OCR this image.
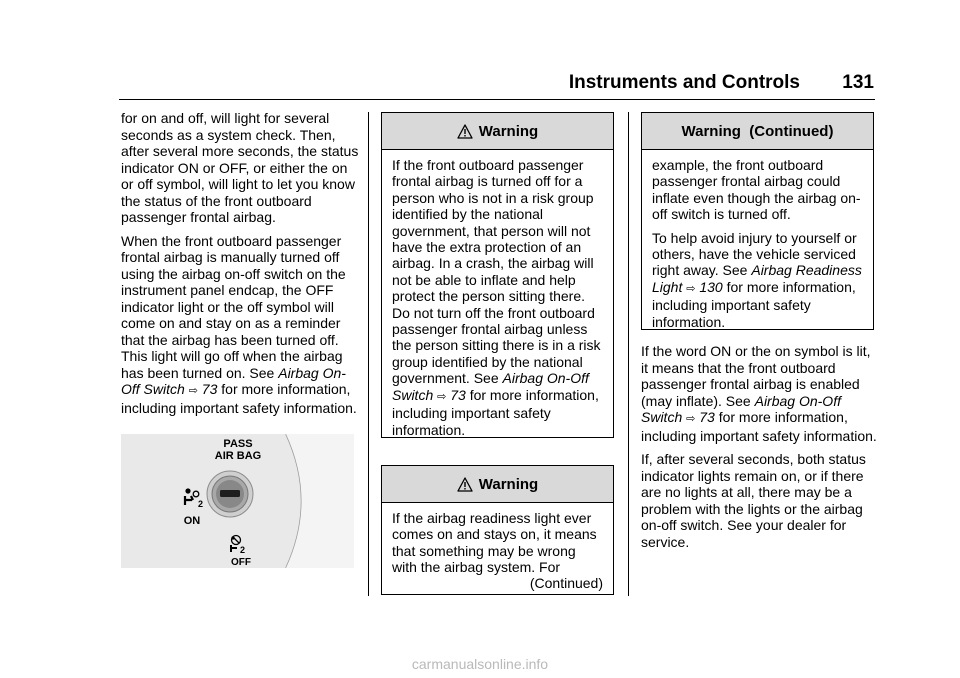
Instruments and Controls 131

for on and off, will light for several seconds as a system check. Then, after several more seconds, the status indicator ON or OFF, or either the on or off symbol, will light to let you know the status of the front outboard passenger frontal airbag.

When the front outboard passenger frontal airbag is manually turned off using the airbag on-off switch on the instrument panel endcap, the OFF indicator light or the off symbol will come on and stay on as a reminder that the airbag has been turned off. This light will go off when the airbag has been turned on. See Airbag On-Off Switch ⇨ 73 for more information, including important safety information.

PASS
AIR BAG
2
ON
2
OFF
Warning

If the front outboard passenger frontal airbag is turned off for a person who is not in a risk group identified by the national government, that person will not have the extra protection of an airbag. In a crash, the airbag will not be able to inflate and help protect the person sitting there. Do not turn off the front outboard passenger frontal airbag unless the person sitting there is in a risk group identified by the national government. See Airbag On-Off Switch ⇨ 73 for more information, including important safety information.

Warning

If the airbag readiness light ever comes on and stays on, it means that something may be wrong with the airbag system. For

(Continued)
Warning  (Continued)

example, the front outboard passenger frontal airbag could inflate even though the airbag on-off switch is turned off.

To help avoid injury to yourself or others, have the vehicle serviced right away. See Airbag Readiness Light ⇨ 130 for more information, including important safety information.

If the word ON or the on symbol is lit, it means that the front outboard passenger frontal airbag is enabled (may inflate). See Airbag On-Off Switch ⇨ 73 for more information, including important safety information.

If, after several seconds, both status indicator lights remain on, or if there are no lights at all, there may be a problem with the lights or the airbag on-off switch. See your dealer for service.

carmanualsonline.info
